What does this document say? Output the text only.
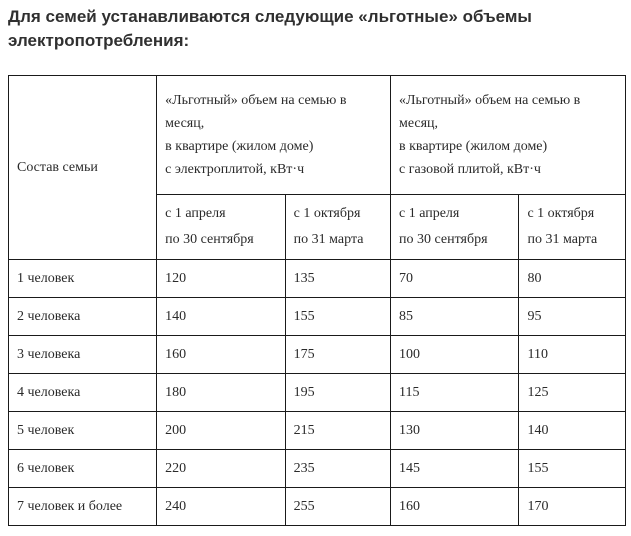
Для семей устанавливаются следующие «льготные» объемы
электропотребления:
Состав семьи	«Льготный» объем на семью в
месяц,
в квартире (жилом доме)
с электроплитой, кВт·ч		«Льготный» объем на семью в
месяц,
в квартире (жилом доме)
с газовой плитой, кВт·ч	

	с 1 апреля
по 30 сентября	с 1 октября
по 31 марта	с 1 апреля
по 30 сентября	с 1 октября
по 31 марта

1 человек	120	135	70	80
2 человека	140	155	85	95
3 человека	160	175	100	110
4 человека	180	195	115	125
5 человек	200	215	130	140
6 человек	220	235	145	155
7 человек и более	240	255	160	170
